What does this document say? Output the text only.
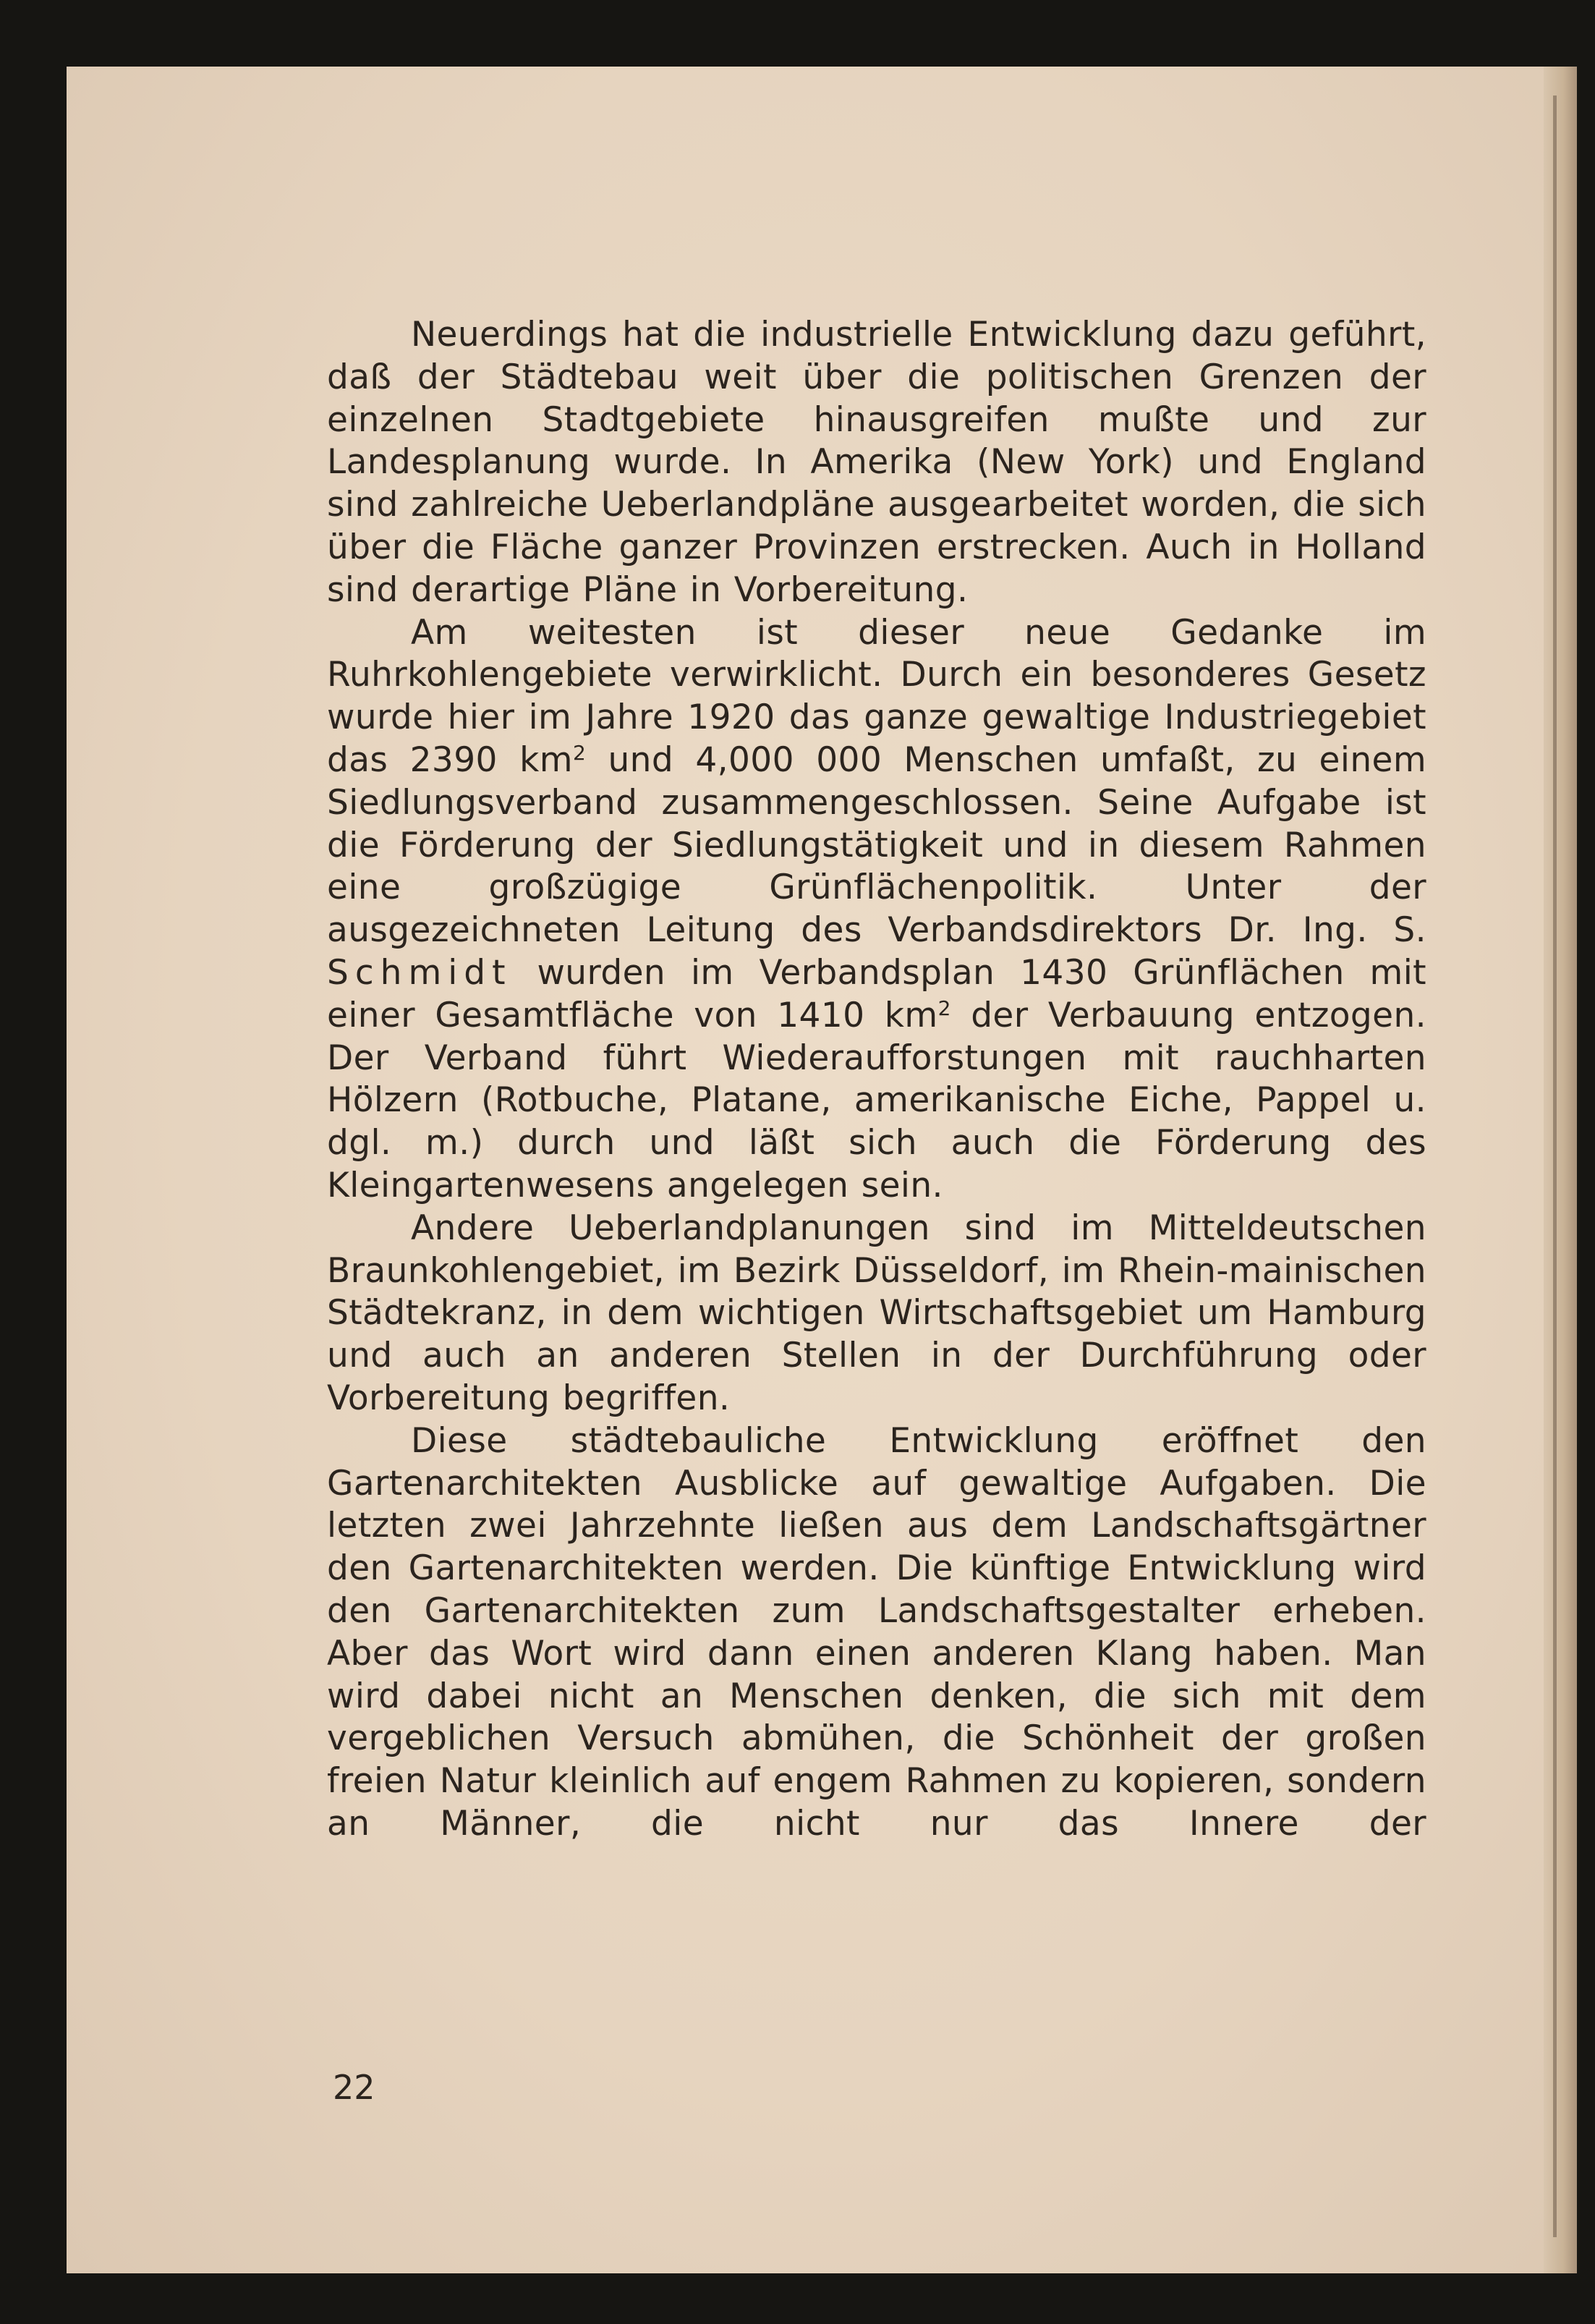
Neuerdings hat die industrielle Entwicklung dazu geführt, daß der Städtebau weit über die politischen Grenzen der einzelnen Stadtgebiete hinausgreifen mußte und zur Landesplanung wurde. In Amerika (New York) und England sind zahlreiche Ueberlandpläne ausgearbeitet worden, die sich über die Fläche ganzer Provinzen erstrecken. Auch in Holland sind derartige Pläne in Vorbereitung.

Am weitesten ist dieser neue Gedanke im Ruhrkohlengebiete verwirklicht. Durch ein besonderes Gesetz wurde hier im Jahre 1920 das ganze gewaltige Industriegebiet das 2390 $km^2$ und 4,000 000 Menschen umfaßt, zu einem Siedlungsverband zusammengeschlossen. Seine Aufgabe ist die Förderung der Siedlungstätigkeit und in diesem Rahmen eine großzügige Grünflächenpolitik. Unter der ausgezeichneten Leitung des Verbandsdirektors Dr. Ing. S. Schmidt wurden im Verbandsplan 1430 Grünflächen mit einer Gesamtfläche von 1410 $km^2$ der Verbauung entzogen. Der Verband führt Wiederaufforstungen mit rauchharten Hölzern (Rotbuche, Platane, amerikanische Eiche, Pappel u. dgl. m.) durch und läßt sich auch die Förderung des Kleingartenwesens angelegen sein.

Andere Ueberlandplanungen sind im Mitteldeutschen Braunkohlengebiet, im Bezirk Düsseldorf, im Rhein-mainischen Städtekranz, in dem wichtigen Wirtschaftsgebiet um Hamburg und auch an anderen Stellen in der Durchführung oder Vorbereitung begriffen.

Diese städtebauliche Entwicklung eröffnet den Gartenarchitekten Ausblicke auf gewaltige Aufgaben. Die letzten zwei Jahrzehnte ließen aus dem Landschaftsgärtner den Gartenarchitekten werden. Die künftige Entwicklung wird den Gartenarchitekten zum Landschaftsgestalter erheben. Aber das Wort wird dann einen anderen Klang haben. Man wird dabei nicht an Menschen denken, die sich mit dem vergeblichen Versuch abmühen, die Schönheit der großen freien Natur kleinlich auf engem Rahmen zu kopieren, sondern an Männer, die nicht nur das Innere der

22
